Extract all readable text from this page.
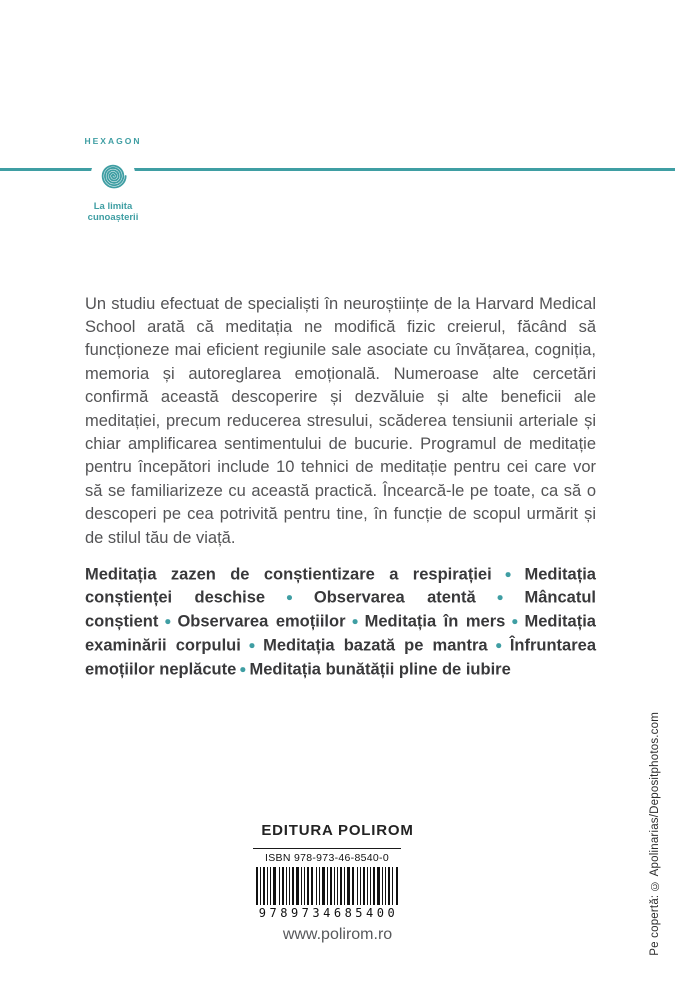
HEXAGON
La limita
cunoașterii

Un studiu efectuat de specialiști în neuroștiințe de la Harvard Medical School arată că meditația ne modifică fizic creierul, făcând să funcționeze mai eficient regiunile sale asociate cu învățarea, cogniția, memoria și autoreglarea emoțională. Numeroase alte cercetări confirmă această descoperire și dezvăluie și alte beneficii ale meditației, precum reducerea stresului, scăderea tensiunii arteriale și chiar amplificarea sentimentului de bucurie. Programul de meditație pentru începători include 10 tehnici de meditație pentru cei care vor să se familiarizeze cu această practică. Încearcă-le pe toate, ca să o descoperi pe cea potrivită pentru tine, în funcție de scopul urmărit și de stilul tău de viață.

Meditația zazen de conștientizare a respirației ● Meditația conștienței deschise ● Observarea atentă ● Mâncatul conștient ● Observarea emoțiilor ● Meditația în mers ● Meditația examinării corpului ● Meditația bazată pe mantra ● Înfruntarea emoțiilor neplăcute ● Meditația bunătății pline de iubire

EDITURA POLIROM
ISBN 978-973-46-8540-0
9789734685400
www.polirom.ro	Pe copertă: © Apolinarias/Depositphotos.com
